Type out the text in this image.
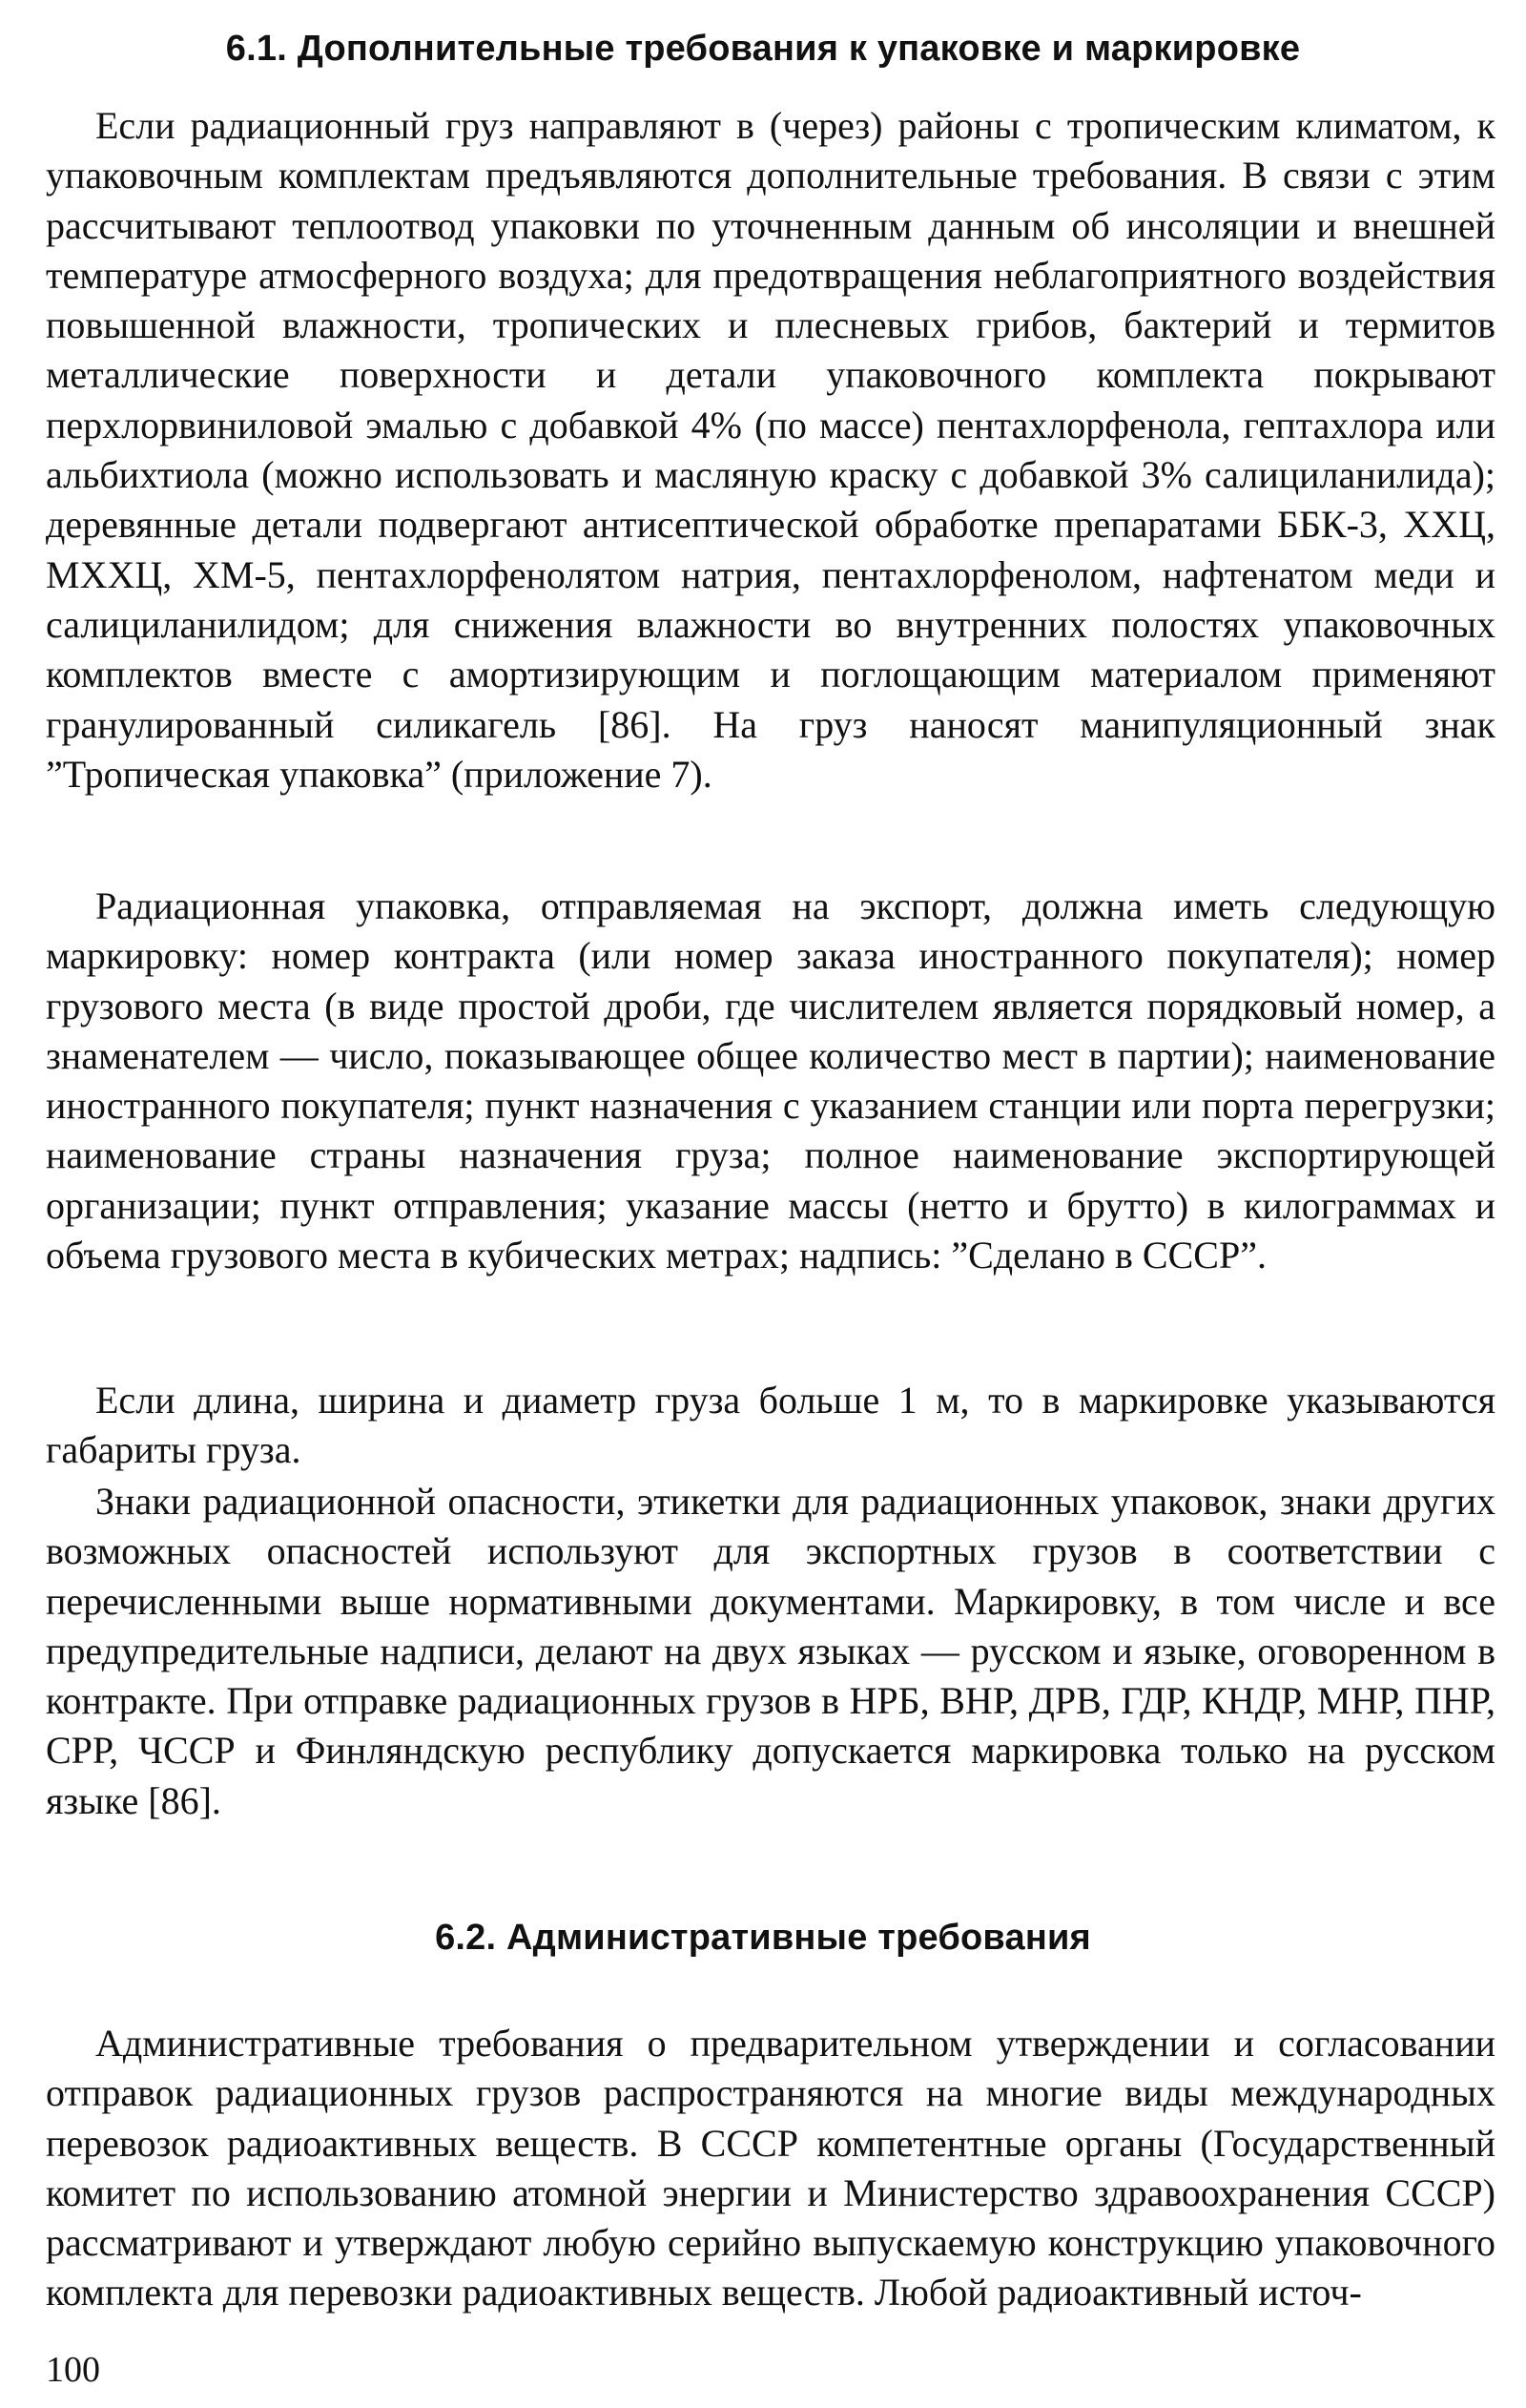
6.1. Дополнительные требования к упаковке и маркировке

Если радиационный груз направляют в (через) районы с тропическим климатом, к упаковочным комплектам предъявляются дополнительные требования. В связи с этим рассчитывают теплоотвод упаковки по уточненным данным об инсоляции и внешней температуре атмосферного воздуха; для предотвращения неблагоприятного воздействия повышенной влажности, тропических и плесневых грибов, бактерий и термитов металлические поверхности и детали упаковочного комплекта покрывают перхлорвиниловой эмалью с добавкой 4% (по массе) пентахлорфенола, гептахлора или альбихтиола (можно использовать и масляную краску с добавкой 3% салициланилида); деревянные детали подвергают антисептической обработке препаратами ББК-3, ХХЦ, МХХЦ, ХМ-5, пентахлорфенолятом натрия, пентахлорфенолом, нафтенатом меди и салициланилидом; для снижения влажности во внутренних полостях упаковочных комплектов вместе с амортизирующим и поглощающим материалом применяют гранулированный силикагель [86]. На груз наносят манипуляционный знак ”Тропическая упаковка” (приложение 7).

Радиационная упаковка, отправляемая на экспорт, должна иметь следующую маркировку: номер контракта (или номер заказа иностранного покупателя); номер грузового места (в виде простой дроби, где числителем является порядковый номер, а знаменателем — число, показывающее общее количество мест в партии); наименование иностранного покупателя; пункт назначения с указанием станции или порта перегрузки; наименование страны назначения груза; полное наименование экспортирующей организации; пункт отправления; указание массы (нетто и брутто) в килограммах и объема грузового места в кубических метрах; надпись: ”Сделано в СССР”.

Если длина, ширина и диаметр груза больше 1 м, то в маркировке указываются габариты груза.

Знаки радиационной опасности, этикетки для радиационных упаковок, знаки других возможных опасностей используют для экспортных грузов в соответствии с перечисленными выше нормативными документами. Маркировку, в том числе и все предупредительные надписи, делают на двух языках — русском и языке, оговоренном в контракте. При отправке радиационных грузов в НРБ, ВНР, ДРВ, ГДР, КНДР, МНР, ПНР, СРР, ЧССР и Финляндскую республику допускается маркировка только на русском языке [86].

6.2. Административные требования

Административные требования о предварительном утверждении и согласовании отправок радиационных грузов распространяются на многие виды международных перевозок радиоактивных веществ. В СССР компетентные органы (Государственный комитет по использованию атомной энергии и Министерство здравоохранения СССР) рассматривают и утверждают любую серийно выпускаемую конструкцию упаковочного комплекта для перевозки радиоактивных веществ. Любой радиоактивный источ-

100
